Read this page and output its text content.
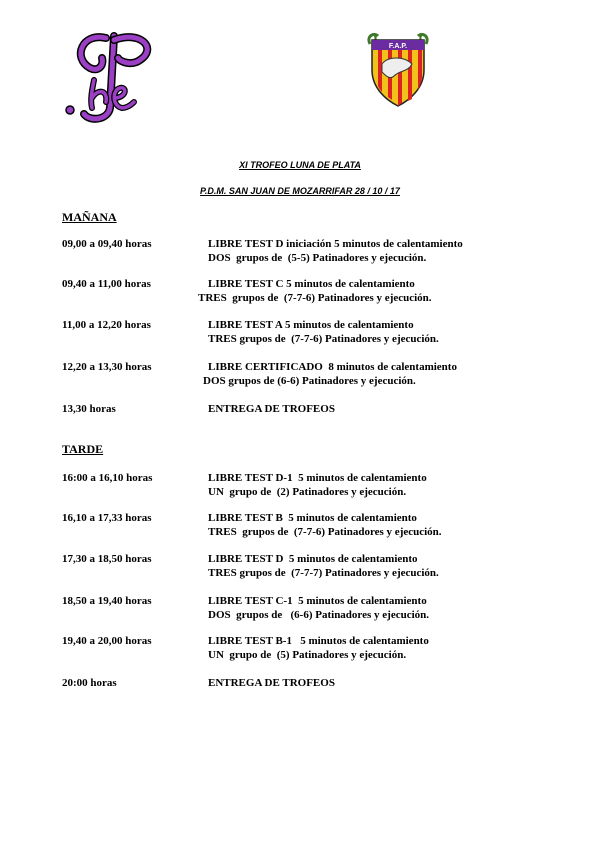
F.A.P.
XI TROFEO LUNA DE PLATA
P.D.M. SAN JUAN DE MOZARRIFAR 28 / 10 / 17
MAÑANA
09,00 a 09,40 horas	LIBRE TEST D iniciación 5 minutos de calentamiento
DOS  grupos de  (5-5) Patinadores y ejecución.
09,40 a 11,00 horas	LIBRE TEST C 5 minutos de calentamiento
TRES  grupos de  (7-7-6) Patinadores y ejecución.
11,00 a 12,20 horas	LIBRE TEST A 5 minutos de calentamiento
TRES grupos de  (7-7-6) Patinadores y ejecución.
12,20 a 13,30 horas	LIBRE CERTIFICADO  8 minutos de calentamiento
DOS grupos de (6-6) Patinadores y ejecución.
13,30 horas	ENTREGA DE TROFEOS
TARDE
16:00 a 16,10 horas	LIBRE TEST D-1  5 minutos de calentamiento
UN  grupo de  (2) Patinadores y ejecución.
16,10 a 17,33 horas	LIBRE TEST B  5 minutos de calentamiento
TRES  grupos de  (7-7-6) Patinadores y ejecución.
17,30 a 18,50 horas	LIBRE TEST D  5 minutos de calentamiento
TRES grupos de  (7-7-7) Patinadores y ejecución.
18,50 a 19,40 horas	LIBRE TEST C-1  5 minutos de calentamiento
DOS  grupos de   (6-6) Patinadores y ejecución.
19,40 a 20,00 horas	LIBRE TEST B-1   5 minutos de calentamiento
UN  grupo de  (5) Patinadores y ejecución.
20:00 horas	ENTREGA DE TROFEOS
